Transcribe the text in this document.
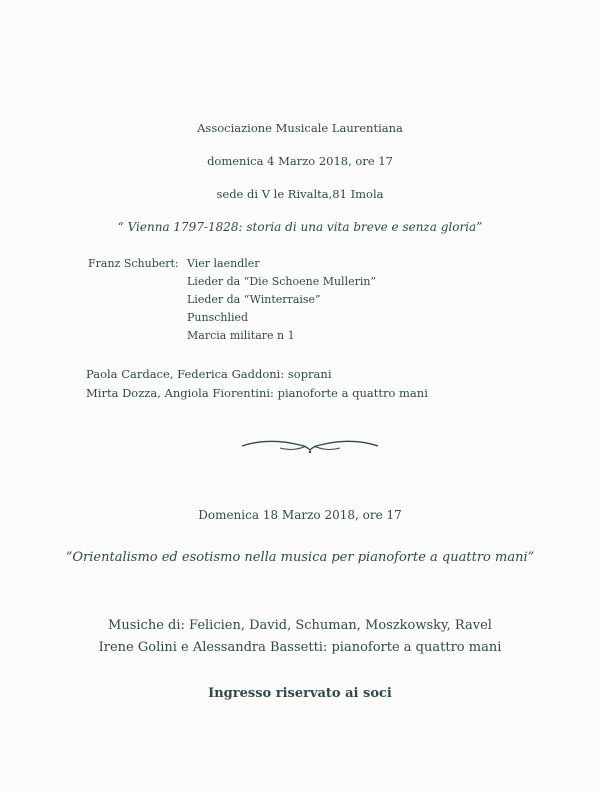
Associazione Musicale Laurentiana
domenica 4 Marzo 2018, ore 17
sede di V le Rivalta,81 Imola
“ Vienna 1797-1828: storia di una vita breve e senza gloria”
Franz Schubert: Vier laendler
Lieder da “Die Schoene Mullerin”
Lieder da “Winterraise”
Punschlied
Marcia militare n 1
Paola Cardace, Federica Gaddoni: soprani
Mirta Dozza, Angiola Fiorentini: pianoforte a quattro mani
Domenica 18 Marzo 2018, ore 17
“Orientalismo ed esotismo nella musica per pianoforte a quattro mani”
Musiche di: Felicien, David, Schuman, Moszkowsky, Ravel
Irene Golini e Alessandra Bassetti: pianoforte a quattro mani
Ingresso riservato ai soci
